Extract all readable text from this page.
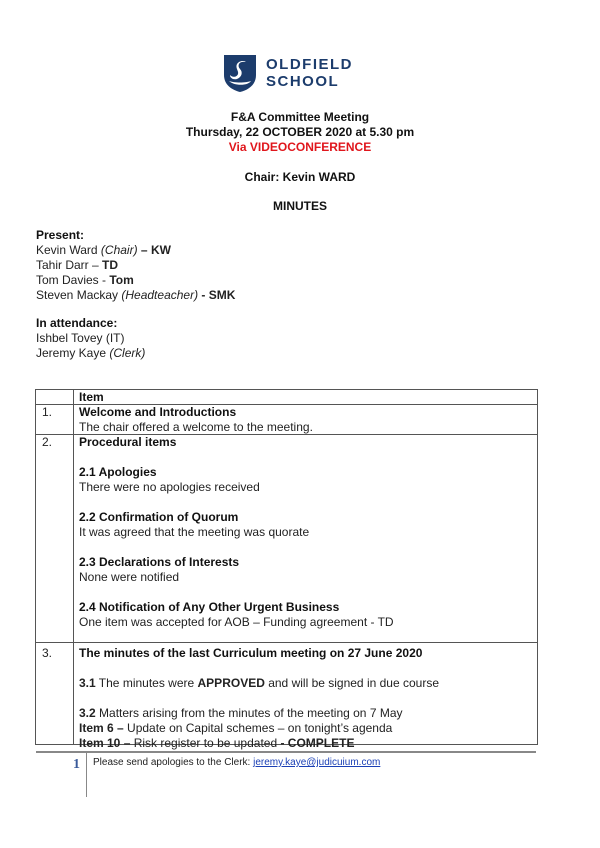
OLDFIELD
SCHOOL
F&A Committee Meeting
Thursday, 22 OCTOBER 2020 at 5.30 pm
Via VIDEOCONFERENCE
Chair: Kevin WARD
MINUTES
Present:
Kevin Ward (Chair) – KW
Tahir Darr – TD
Tom Davies - Tom
Steven Mackay (Headteacher) - SMK
In attendance:
Ishbel Tovey (IT)
Jeremy Kaye (Clerk)
Item
1. Welcome and Introductions
The chair offered a welcome to the meeting.
2. Procedural items
2.1 Apologies
There were no apologies received
2.2 Confirmation of Quorum
It was agreed that the meeting was quorate
2.3 Declarations of Interests
None were notified
2.4 Notification of Any Other Urgent Business
One item was accepted for AOB – Funding agreement - TD
3. The minutes of the last Curriculum meeting on 27 June 2020
3.1 The minutes were APPROVED and will be signed in due course
3.2 Matters arising from the minutes of the meeting on 7 May
Item 6 – Update on Capital schemes – on tonight’s agenda
Item 10 – Risk register to be updated - COMPLETE
1 Please send apologies to the Clerk: jeremy.kaye@judicuium.com
